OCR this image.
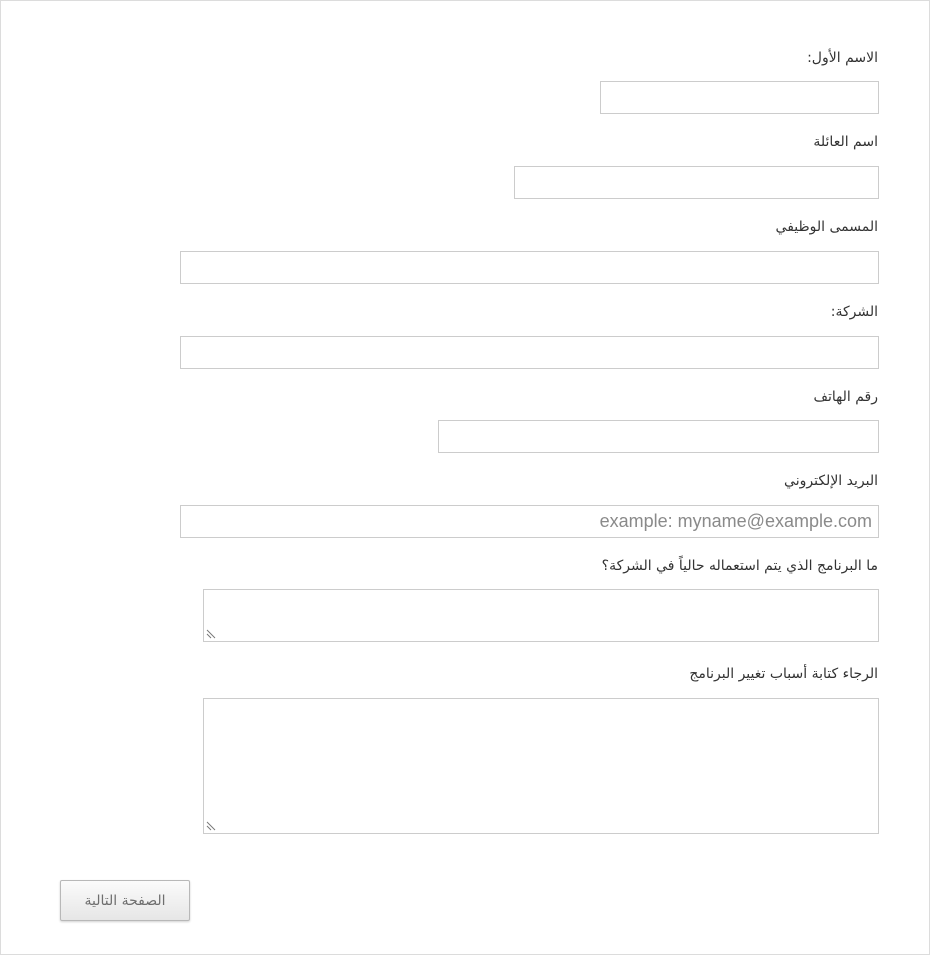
الاسم الأول:
اسم العائلة
المسمى الوظيفي
الشركة:
رقم الهاتف
البريد الإلكتروني
example: myname@example.com
ما البرنامج الذي يتم استعماله حالياً في الشركة؟
الرجاء كتابة أسباب تغيير البرنامج
الصفحة التالية
